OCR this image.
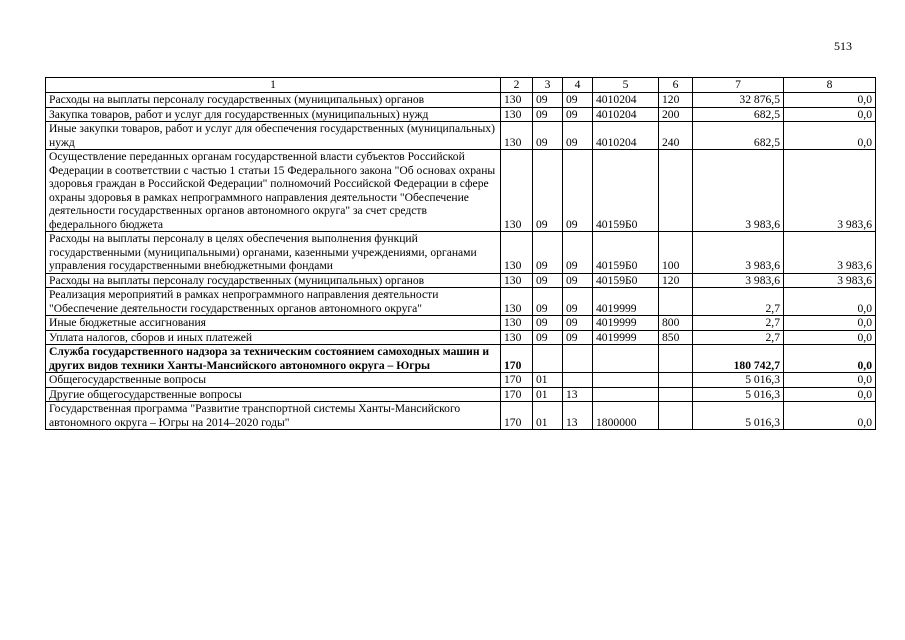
513
1	2	3	4	5	6	7	8
Расходы на выплаты персоналу государственных (муниципальных) органов	130	09	09	4010204	120	32 876,5	0,0
Закупка товаров, работ и услуг для государственных (муниципальных) нужд	130	09	09	4010204	200	682,5	0,0
Иные закупки товаров, работ и услуг для обеспечения государственных (муниципальных) нужд	130	09	09	4010204	240	682,5	0,0
Осуществление переданных органам государственной власти субъектов Российской Федерации в соответствии с частью 1 статьи 15 Федерального закона "Об основах охраны здоровья граждан в Российской Федерации" полномочий Российской Федерации в сфере охраны здоровья в рамках непрограммного направления деятельности "Обеспечение деятельности государственных органов автономного округа" за счет средств федерального бюджета	130	09	09	40159Б0		3 983,6	3 983,6
Расходы на выплаты персоналу в целях обеспечения выполнения функций государственными (муниципальными) органами, казенными учреждениями, органами управления государственными внебюджетными фондами	130	09	09	40159Б0	100	3 983,6	3 983,6
Расходы на выплаты персоналу государственных (муниципальных) органов	130	09	09	40159Б0	120	3 983,6	3 983,6
Реализация мероприятий в рамках непрограммного направления деятельности "Обеспечение деятельности государственных органов автономного округа"	130	09	09	4019999		2,7	0,0
Иные бюджетные ассигнования	130	09	09	4019999	800	2,7	0,0
Уплата налогов, сборов и иных платежей	130	09	09	4019999	850	2,7	0,0
Служба государственного надзора за техническим состоянием самоходных машин и других видов техники Ханты-Мансийского автономного округа – Югры	170					180 742,7	0,0
Общегосударственные вопросы	170	01				5 016,3	0,0
Другие общегосударственные вопросы	170	01	13			5 016,3	0,0
Государственная программа "Развитие транспортной системы Ханты-Мансийского автономного округа – Югры на 2014–2020 годы"	170	01	13	1800000		5 016,3	0,0
